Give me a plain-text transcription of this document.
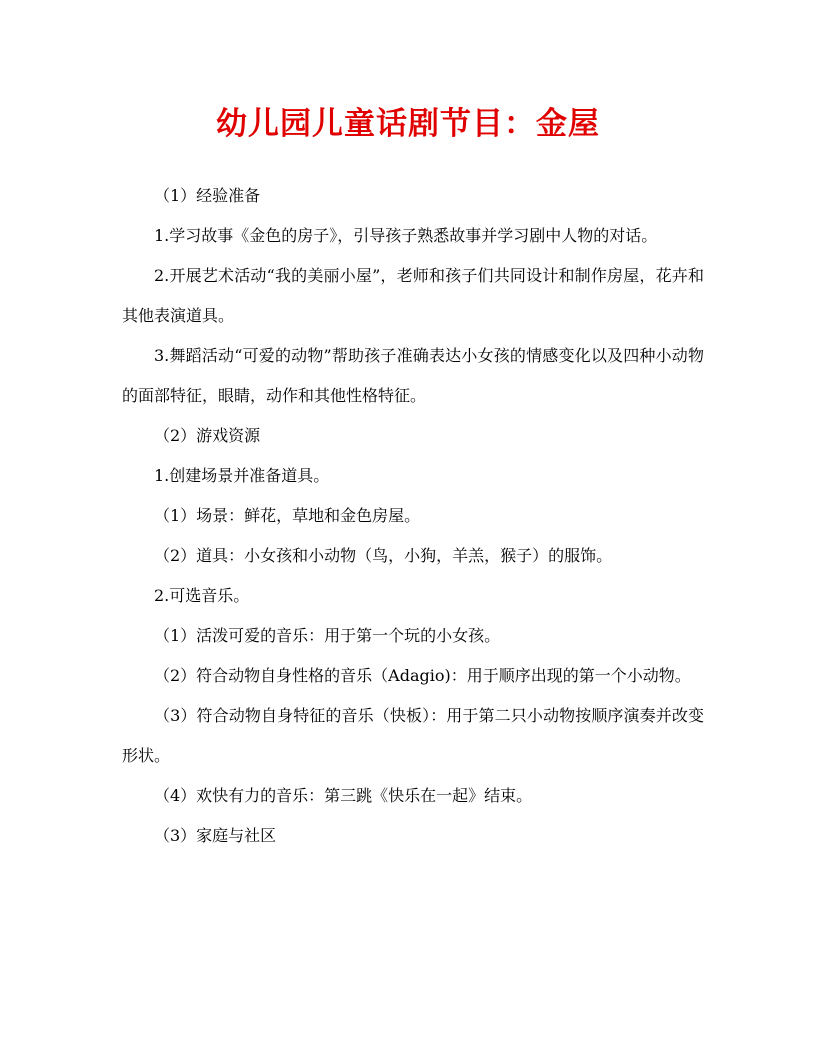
幼儿园儿童话剧节目：金屋

（1）经验准备

1.学习故事《金色的房子》，引导孩子熟悉故事并学习剧中人物的对话。

2.开展艺术活动“我的美丽小屋”，老师和孩子们共同设计和制作房屋，花卉和其他表演道具。

3.舞蹈活动“可爱的动物”帮助孩子准确表达小女孩的情感变化以及四种小动物的面部特征，眼睛，动作和其他性格特征。

（2）游戏资源

1.创建场景并准备道具。

（1）场景：鲜花，草地和金色房屋。

（2）道具：小女孩和小动物（鸟，小狗，羊羔，猴子）的服饰。

2.可选音乐。

（1）活泼可爱的音乐：用于第一个玩的小女孩。

（2）符合动物自身性格的音乐（Adagio)：用于顺序出现的第一个小动物。

（3）符合动物自身特征的音乐（快板）：用于第二只小动物按顺序演奏并改变形状。

（4）欢快有力的音乐：第三跳《快乐在一起》结束。

（3）家庭与社区
